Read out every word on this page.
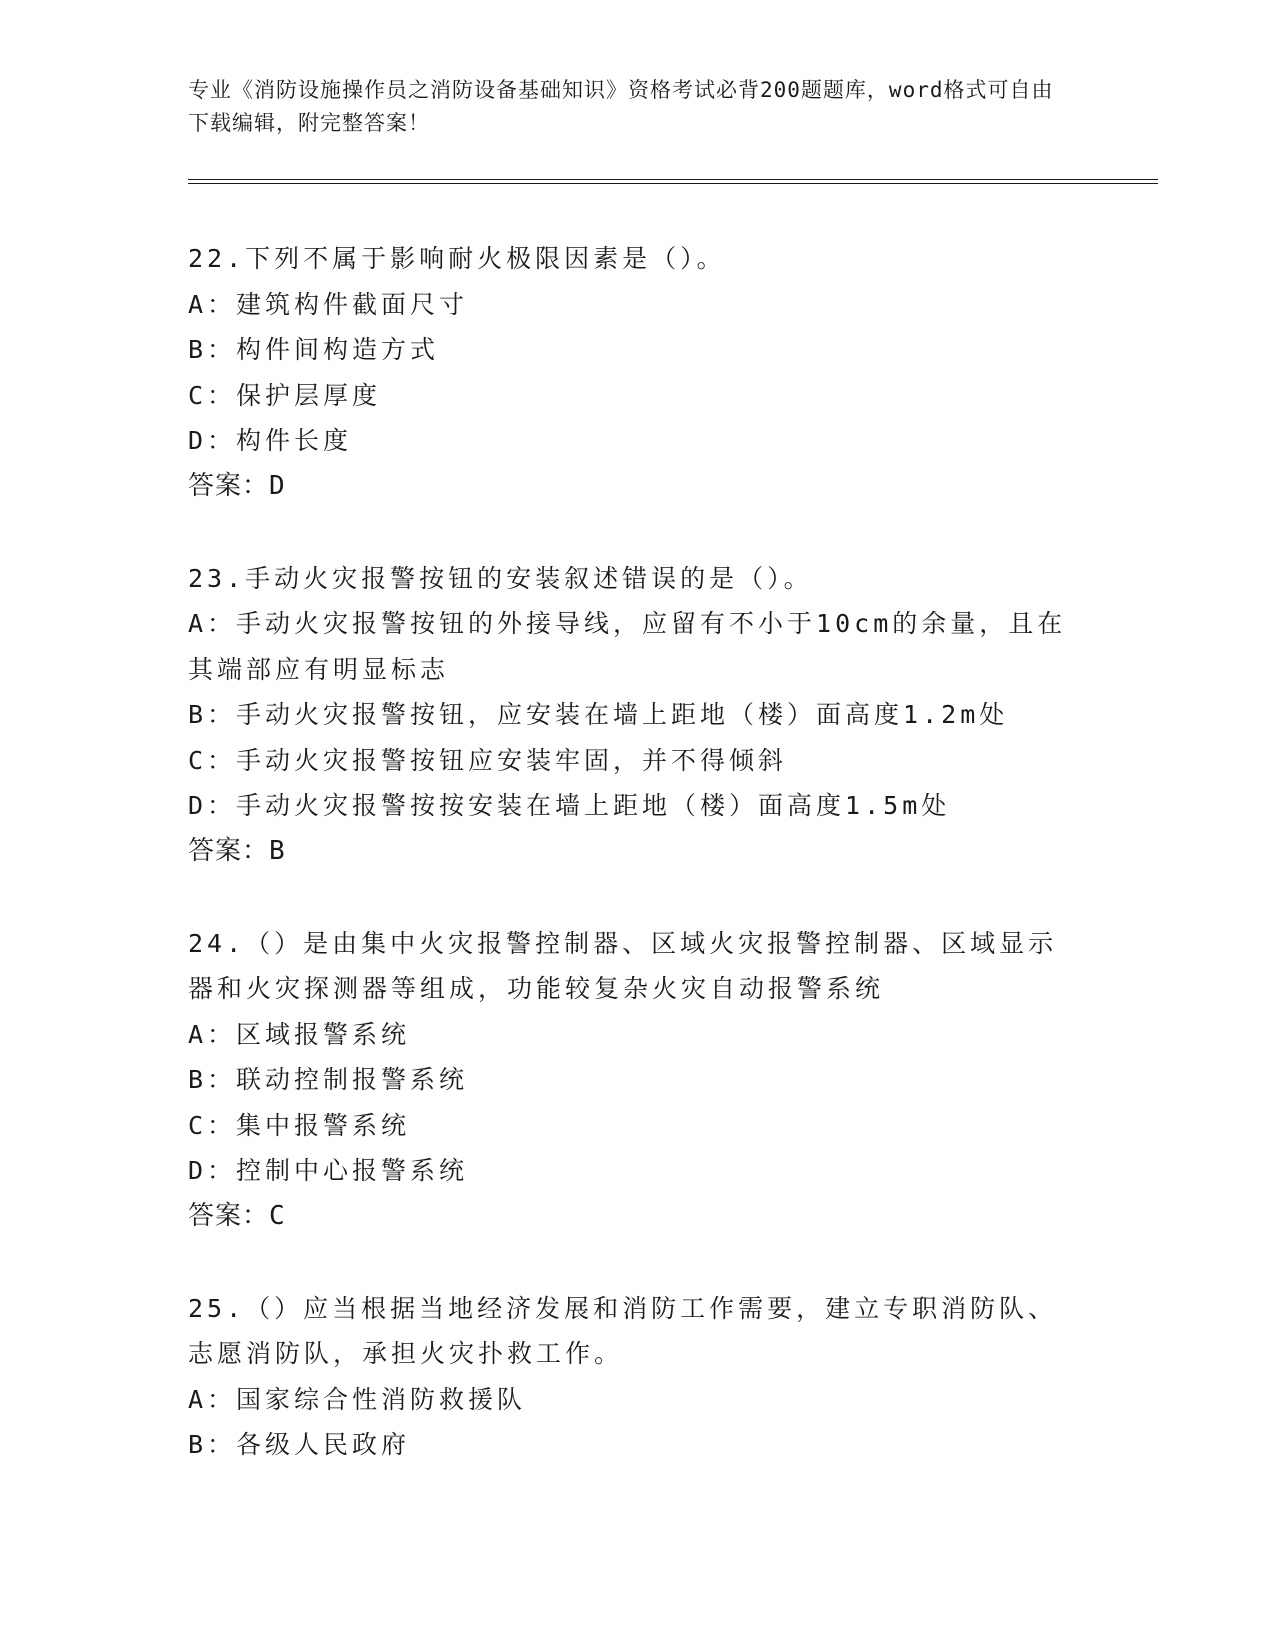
专业《消防设施操作员之消防设备基础知识》资格考试必背200题题库，word格式可自由下载编辑，附完整答案！
22.下列不属于影响耐火极限因素是（）。
A：建筑构件截面尺寸
B：构件间构造方式
C：保护层厚度
D：构件长度
答案：D
23.手动火灾报警按钮的安装叙述错误的是（）。
A：手动火灾报警按钮的外接导线，应留有不小于10cm的余量，且在其端部应有明显标志
B：手动火灾报警按钮，应安装在墙上距地（楼）面高度1.2m处
C：手动火灾报警按钮应安装牢固，并不得倾斜
D：手动火灾报警按按安装在墙上距地（楼）面高度1.5m处
答案：B
24.（）是由集中火灾报警控制器、区域火灾报警控制器、区域显示器和火灾探测器等组成，功能较复杂火灾自动报警系统
A：区域报警系统
B：联动控制报警系统
C：集中报警系统
D：控制中心报警系统
答案：C
25.（）应当根据当地经济发展和消防工作需要，建立专职消防队、志愿消防队，承担火灾扑救工作。
A：国家综合性消防救援队
B：各级人民政府
